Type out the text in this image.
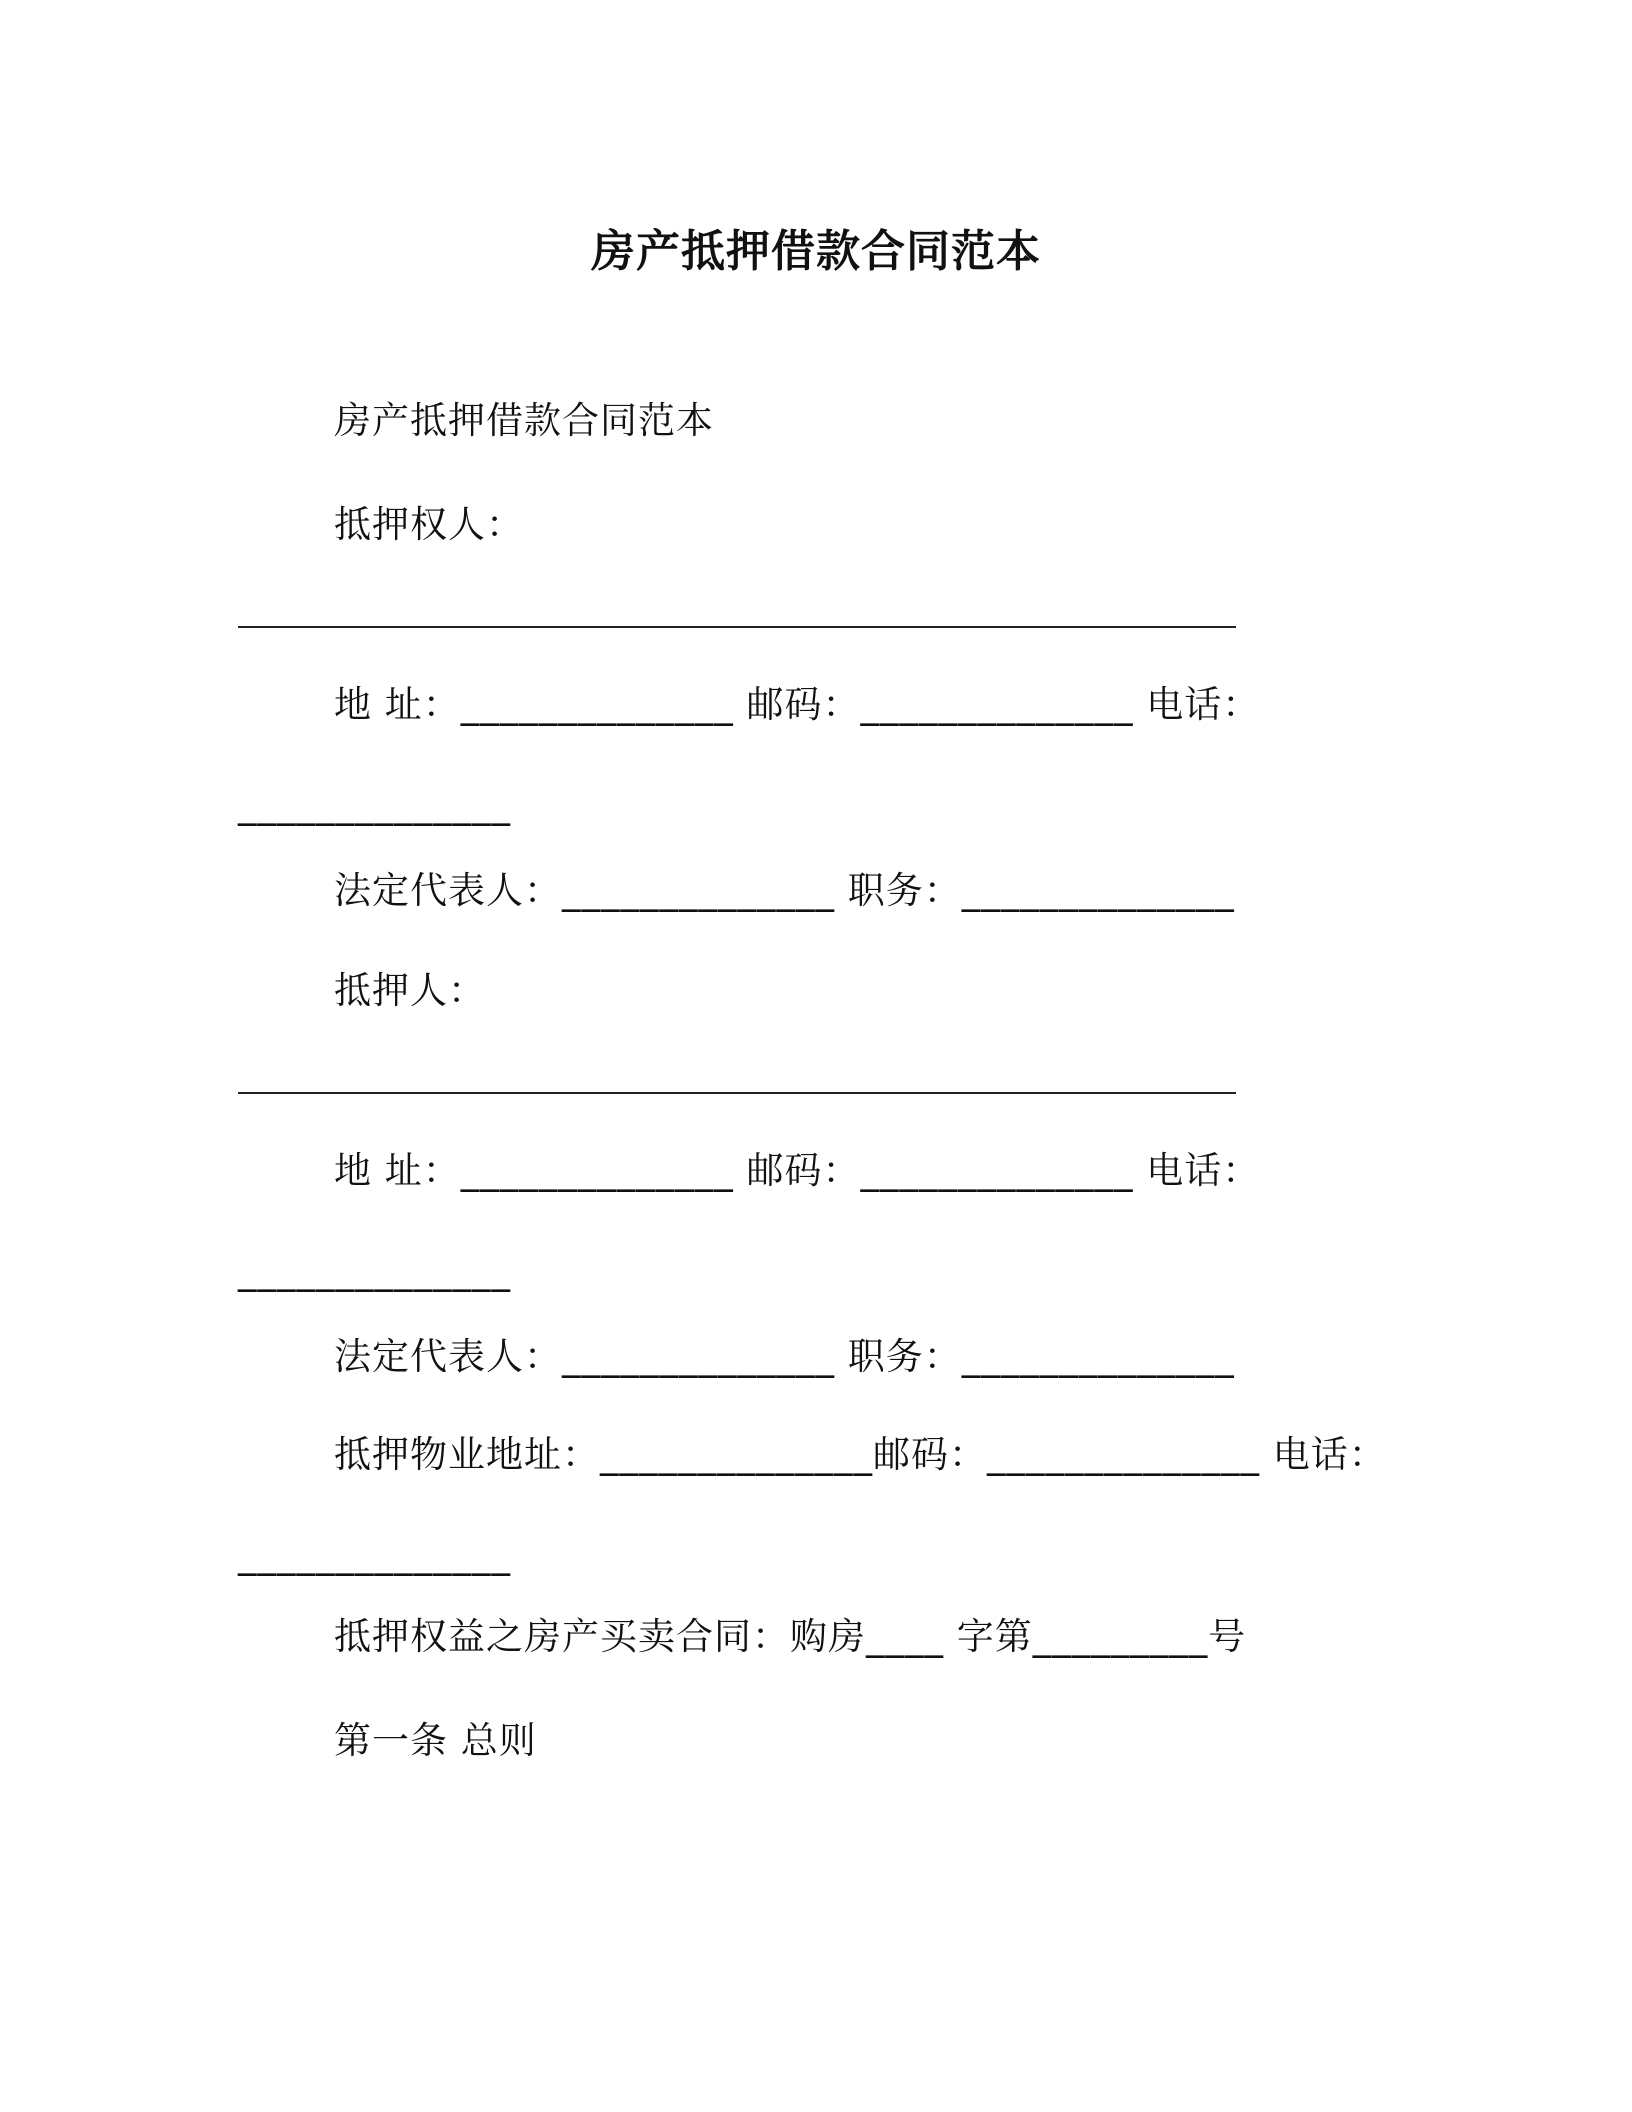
房产抵押借款合同范本
房产抵押借款合同范本
抵押权人：
地 址：______________ 邮码：______________ 电话：
______________
法定代表人：______________ 职务：______________
抵押人：
地 址：______________ 邮码：______________ 电话：
______________
法定代表人：______________ 职务：______________
抵押物业地址：______________邮码：______________ 电话：
______________
抵押权益之房产买卖合同：购房____ 字第_________号
第一条 总则
